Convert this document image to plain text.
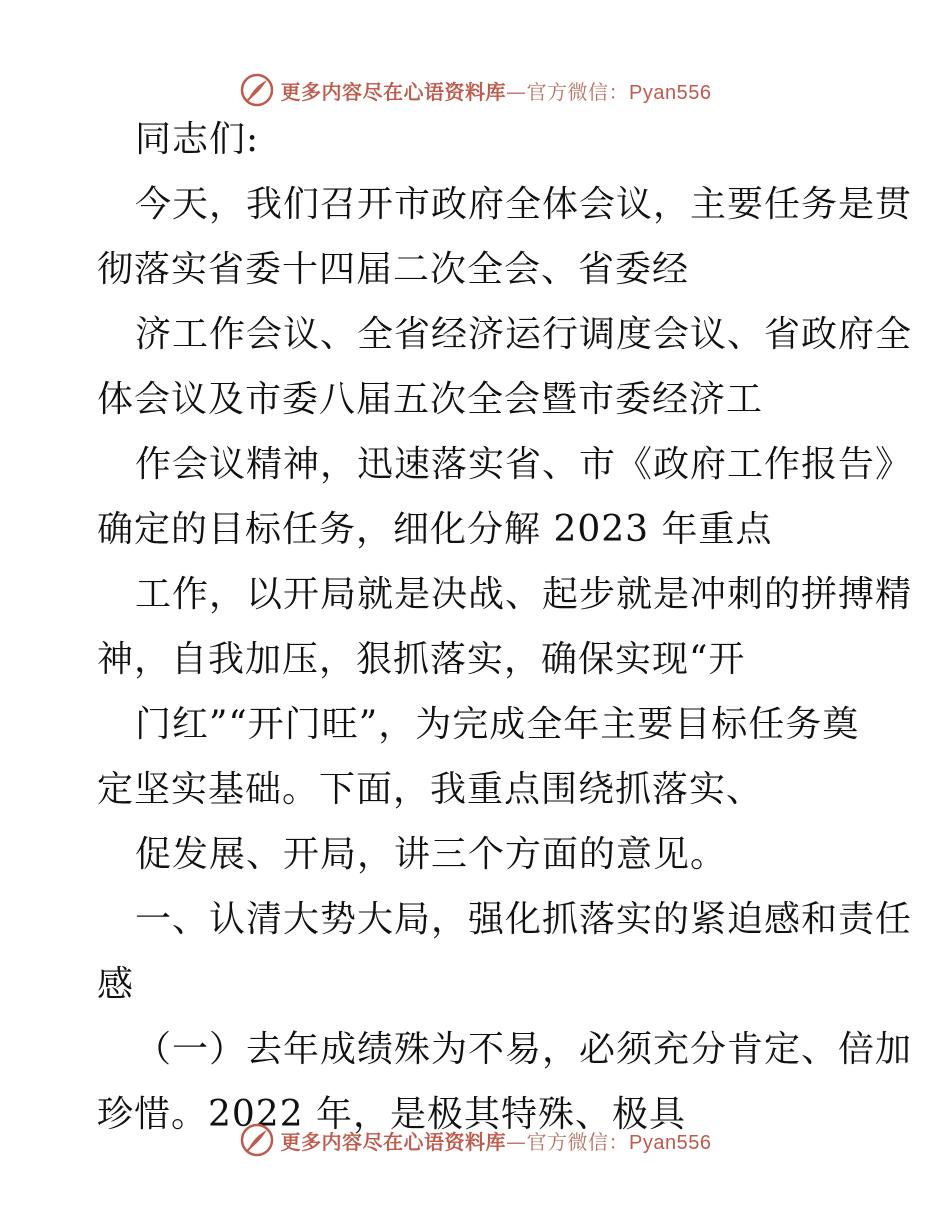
更多内容尽在心语资料库—官方微信：Pyan556
同志们:
今天，我们召开市政府全体会议，主要任务是贯
彻落实省委十四届二次全会、省委经
济工作会议、全省经济运行调度会议、省政府全
体会议及市委八届五次全会暨市委经济工
作会议精神，迅速落实省、市《政府工作报告》
确定的目标任务，细化分解 2023 年重点
工作，以开局就是决战、起步就是冲刺的拼搏精
神，自我加压，狠抓落实，确保实现“开
门红”“开门旺”，为完成全年主要目标任务奠
定坚实基础。下面，我重点围绕抓落实、
促发展、开局，讲三个方面的意见。
一、认清大势大局，强化抓落实的紧迫感和责任
感
（一）去年成绩殊为不易，必须充分肯定、倍加
珍惜。2022 年，是极其特殊、极具
更多内容尽在心语资料库—官方微信：Pyan556
